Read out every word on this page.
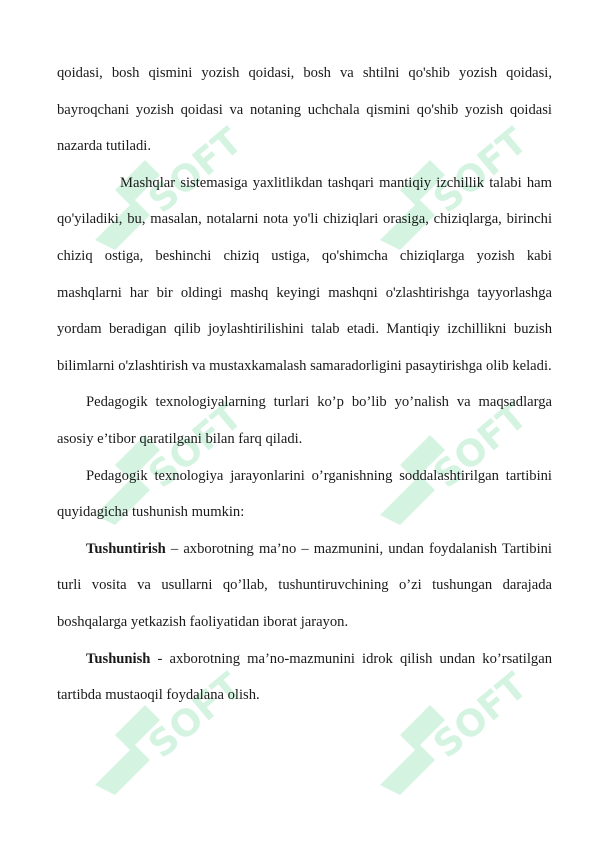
SOFT	SOFT
SOFT	SOFT
SOFT	SOFT

qoidasi, bosh qismini yozish qoidasi, bosh va shtilni qo'shib yozish qoidasi, bayroqchani yozish qoidasi va notaning uchchala qismini qo'shib yozish qoidasi nazarda tutiladi.

Mashqlar sistemasiga yaxlitlikdan tashqari mantiqiy izchillik talabi ham qo'yiladiki, bu, masalan, notalarni nota yo'li chiziqlari orasiga, chiziqlarga, birinchi chiziq ostiga, beshinchi chiziq ustiga, qo'shimcha chiziqlarga yozish kabi mashqlarni har bir oldingi mashq keyingi mashqni o'zlashtirishga tayyorlashga yordam beradigan qilib joylashtirilishini talab etadi. Mantiqiy izchillikni buzish bilimlarni o'zlashtirish va mustaxkamalash samaradorligini pasaytirishga olib keladi.

Pedagogik texnologiyalarning turlari ko’p bo’lib yo’nalish va maqsadlarga asosiy e’tibor qaratilgani bilan farq qiladi.

Pedagogik texnologiya jarayonlarini o’rganishning soddalashtirilgan tartibini quyidagicha tushunish mumkin:

Tushuntirish – axborotning ma’no – mazmunini, undan foydalanish Tartibini turli vosita va usullarni qo’llab, tushuntiruvchining o’zi tushungan darajada boshqalarga yetkazish faoliyatidan iborat jarayon.

Tushunish - axborotning ma’no-mazmunini idrok qilish undan ko’rsatilgan tartibda mustaoqil foydalana olish.
